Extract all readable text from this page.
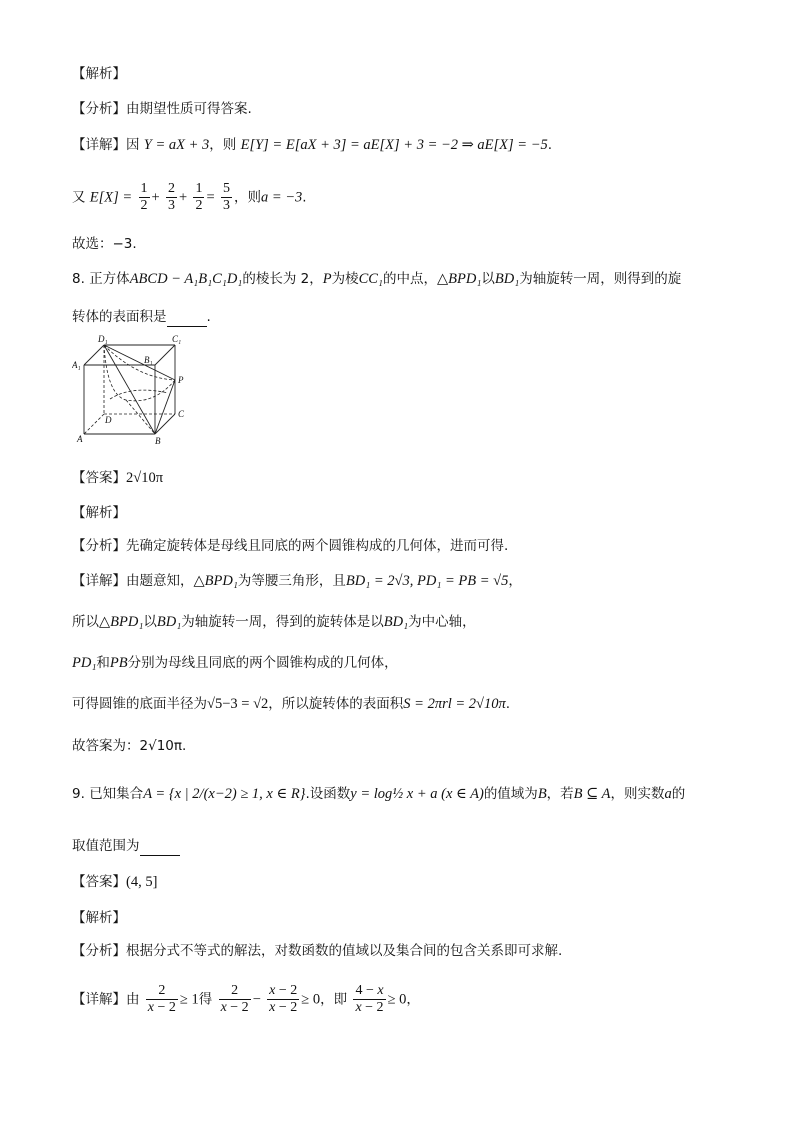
【解析】
【分析】由期望性质可得答案.
【详解】因 Y = aX + 3，则 E[Y] = E[aX + 3] = aE[X] + 3 = −2 ⇒ aE[X] = −5.
又 $E[X] = \frac{1}{2} + \frac{2}{3} + \frac{1}{2} = \frac{5}{3}$ ，则a = −3.
故选：−3.
8. 正方体ABCD − A₁B₁C₁D₁的棱长为 2，P为棱CC₁的中点，△BPD₁以BD₁为轴旋转一周，则得到的旋
转体的表面积是	.
D₁	C₁
B₁
A₁
P
D
C
A	B
【答案】2√10π
【解析】
【分析】先确定旋转体是母线且同底的两个圆锥构成的几何体，进而可得.
【详解】由题意知，△BPD₁为等腰三角形，且BD₁ = 2√3, PD₁ = PB = √5，
所以△BPD₁以BD₁为轴旋转一周，得到的旋转体是以BD₁为中心轴，
PD₁和PB分别为母线且同底的两个圆锥构成的几何体，
可得圆锥的底面半径为√5−3 = √2，所以旋转体的表面积S = 2πrl = 2√10π.
故答案为：2√10π.
9. 已知集合A = {x | 2/(x−2) ≥ 1, x ∈ R}.设函数y = log½ x + a (x ∈ A)的值域为B，若B ⊆ A，则实数a的
取值范围为
【答案】(4, 5]
【解析】
【分析】根据分式不等式的解法，对数函数的值域以及集合间的包含关系即可求解.
【详解】由 $\frac{2}{x - 2} \ge 1$得 $\frac{2}{x - 2} - \frac{x - 2}{x - 2} \ge 0$，即 $\frac{4 - x}{x - 2} \ge 0$，
